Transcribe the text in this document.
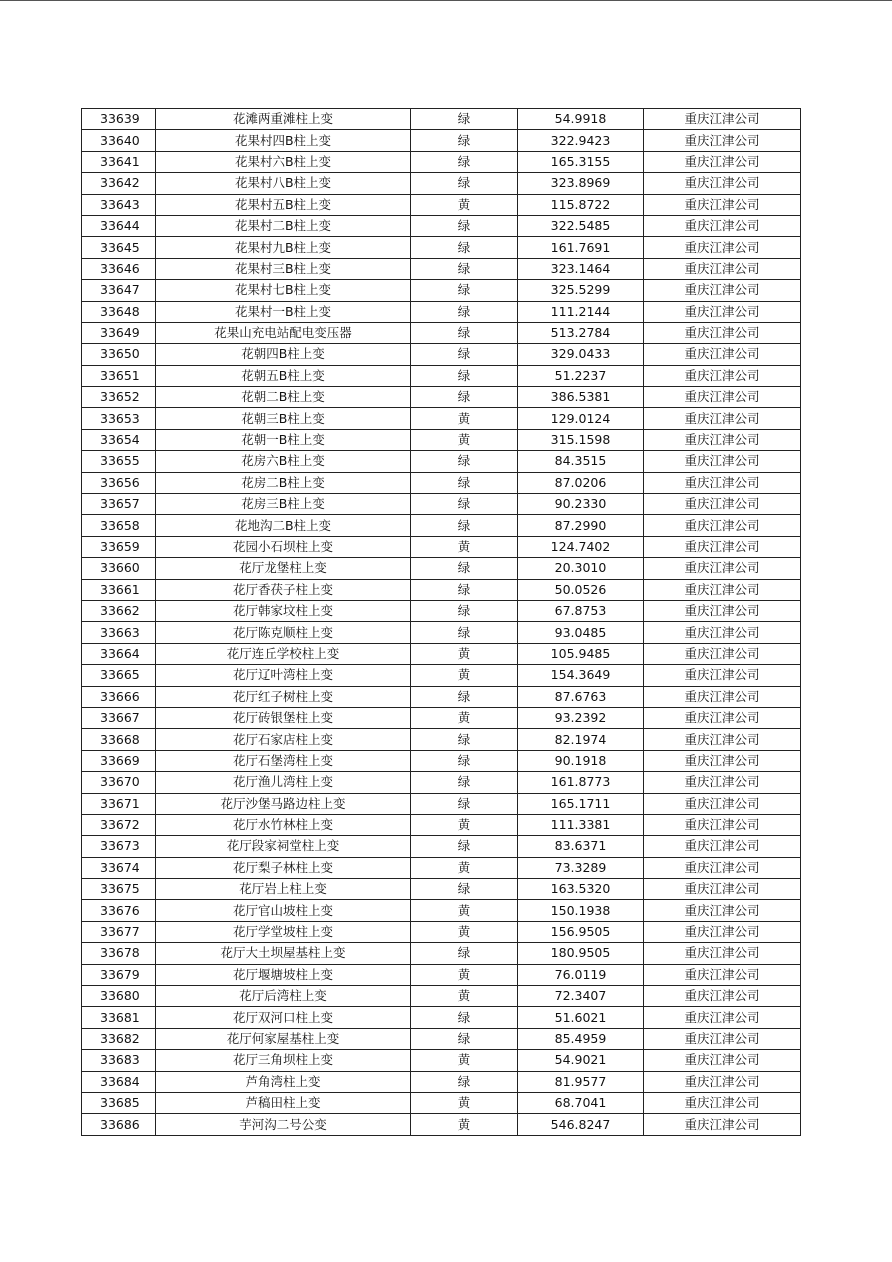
33639	花滩两重滩柱上变	绿	54.9918	重庆江津公司
33640	花果村四B柱上变	绿	322.9423	重庆江津公司
33641	花果村六B柱上变	绿	165.3155	重庆江津公司
33642	花果村八B柱上变	绿	323.8969	重庆江津公司
33643	花果村五B柱上变	黄	115.8722	重庆江津公司
33644	花果村二B柱上变	绿	322.5485	重庆江津公司
33645	花果村九B柱上变	绿	161.7691	重庆江津公司
33646	花果村三B柱上变	绿	323.1464	重庆江津公司
33647	花果村七B柱上变	绿	325.5299	重庆江津公司
33648	花果村一B柱上变	绿	111.2144	重庆江津公司
33649	花果山充电站配电变压器	绿	513.2784	重庆江津公司
33650	花朝四B柱上变	绿	329.0433	重庆江津公司
33651	花朝五B柱上变	绿	51.2237	重庆江津公司
33652	花朝二B柱上变	绿	386.5381	重庆江津公司
33653	花朝三B柱上变	黄	129.0124	重庆江津公司
33654	花朝一B柱上变	黄	315.1598	重庆江津公司
33655	花房六B柱上变	绿	84.3515	重庆江津公司
33656	花房二B柱上变	绿	87.0206	重庆江津公司
33657	花房三B柱上变	绿	90.2330	重庆江津公司
33658	花地沟二B柱上变	绿	87.2990	重庆江津公司
33659	花园小石坝柱上变	黄	124.7402	重庆江津公司
33660	花厅龙堡柱上变	绿	20.3010	重庆江津公司
33661	花厅香茯子柱上变	绿	50.0526	重庆江津公司
33662	花厅韩家坟柱上变	绿	67.8753	重庆江津公司
33663	花厅陈克顺柱上变	绿	93.0485	重庆江津公司
33664	花厅连丘学校柱上变	黄	105.9485	重庆江津公司
33665	花厅辽叶湾柱上变	黄	154.3649	重庆江津公司
33666	花厅红子树柱上变	绿	87.6763	重庆江津公司
33667	花厅砖银堡柱上变	黄	93.2392	重庆江津公司
33668	花厅石家店柱上变	绿	82.1974	重庆江津公司
33669	花厅石堡湾柱上变	绿	90.1918	重庆江津公司
33670	花厅渔儿湾柱上变	绿	161.8773	重庆江津公司
33671	花厅沙堡马路边柱上变	绿	165.1711	重庆江津公司
33672	花厅水竹林柱上变	黄	111.3381	重庆江津公司
33673	花厅段家祠堂柱上变	绿	83.6371	重庆江津公司
33674	花厅梨子林柱上变	黄	73.3289	重庆江津公司
33675	花厅岩上柱上变	绿	163.5320	重庆江津公司
33676	花厅官山坡柱上变	黄	150.1938	重庆江津公司
33677	花厅学堂坡柱上变	黄	156.9505	重庆江津公司
33678	花厅大土坝屋基柱上变	绿	180.9505	重庆江津公司
33679	花厅堰塘坡柱上变	黄	76.0119	重庆江津公司
33680	花厅后湾柱上变	黄	72.3407	重庆江津公司
33681	花厅双河口柱上变	绿	51.6021	重庆江津公司
33682	花厅何家屋基柱上变	绿	85.4959	重庆江津公司
33683	花厅三角坝柱上变	黄	54.9021	重庆江津公司
33684	芦角湾柱上变	绿	81.9577	重庆江津公司
33685	芦稿田柱上变	黄	68.7041	重庆江津公司
33686	芋河沟二号公变	黄	546.8247	重庆江津公司
